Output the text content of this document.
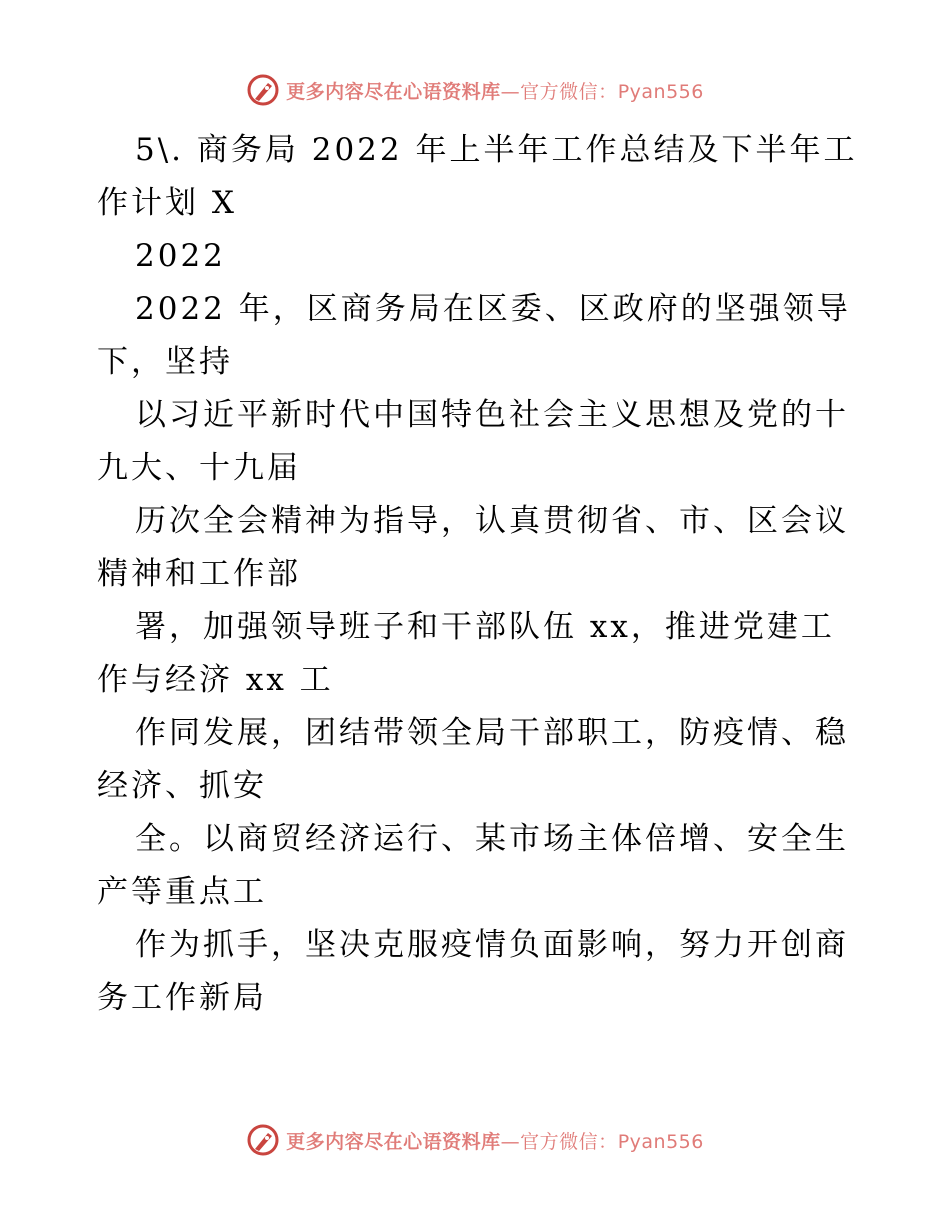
更多内容尽在心语资料库—官方微信：Pyan556

5\. 商务局 2022 年上半年工作总结及下半年工

作计划 X

2022

2022 年，区商务局在区委、区政府的坚强领导

下，坚持

以习近平新时代中国特色社会主义思想及党的十

九大、十九届

历次全会精神为指导，认真贯彻省、市、区会议

精神和工作部

署，加强领导班子和干部队伍 xx，推进党建工

作与经济 xx 工

作同发展，团结带领全局干部职工，防疫情、稳

经济、抓安

全。以商贸经济运行、某市场主体倍增、安全生

产等重点工

作为抓手，坚决克服疫情负面影响，努力开创商

务工作新局

更多内容尽在心语资料库—官方微信：Pyan556
